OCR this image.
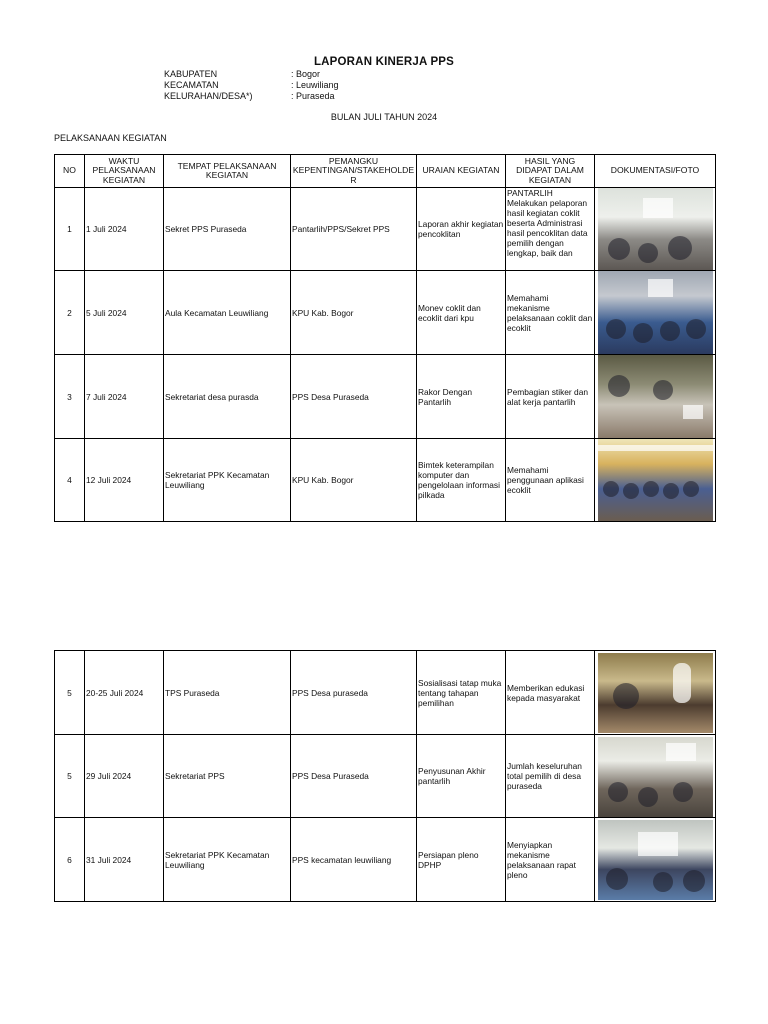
LAPORAN KINERJA PPS
KABUPATEN	: Bogor
KECAMATAN	: Leuwiliang
KELURAHAN/DESA*)	: Puraseda
BULAN JULI TAHUN 2024
PELAKSANAAN KEGIATAN
NO	WAKTU PELAKSANAAN KEGIATAN	TEMPAT PELAKSANAAN KEGIATAN	PEMANGKU KEPENTINGAN/STAKEHOLDE R	URAIAN KEGIATAN	HASIL YANG DIDAPAT DALAM KEGIATAN	DOKUMENTASI/FOTO
1	1 Juli 2024	Sekret PPS Puraseda	Pantarlih/PPS/Sekret PPS	Laporan akhir kegiatan pencoklitan	PANTARLIH Melakukan pelaporan hasil kegiatan coklit beserta Administrasi hasil pencoklitan data pemilih dengan lengkap, baik dan	

2	5 Juli 2024	Aula Kecamatan Leuwiliang	KPU Kab. Bogor	Monev coklit dan ecoklit dari kpu	Memahami mekanisme pelaksanaan coklit dan ecoklit	

3	7 Juli 2024	Sekretariat desa purasda	PPS Desa Puraseda	Rakor Dengan Pantarlih	Pembagian stiker dan alat kerja pantarlih	

4	12 Juli 2024	Sekretariat PPK Kecamatan Leuwiliang	KPU Kab. Bogor	Bimtek keterampilan komputer dan pengelolaan informasi pilkada	Memahami penggunaan aplikasi ecoklit	
5	20-25 Juli 2024	TPS Puraseda	PPS Desa puraseda	Sosialisasi tatap muka tentang tahapan pemilihan	Memberikan edukasi kepada masyarakat	

5	29 Juli 2024	Sekretariat PPS	PPS Desa Puraseda	Penyusunan Akhir pantarlih	Jumlah keseluruhan total pemilih di desa puraseda	

6	31 Juli 2024	Sekretariat PPK Kecamatan Leuwiliang	PPS kecamatan leuwiliang	Persiapan pleno DPHP	Menyiapkan mekanisme pelaksanaan rapat pleno	
